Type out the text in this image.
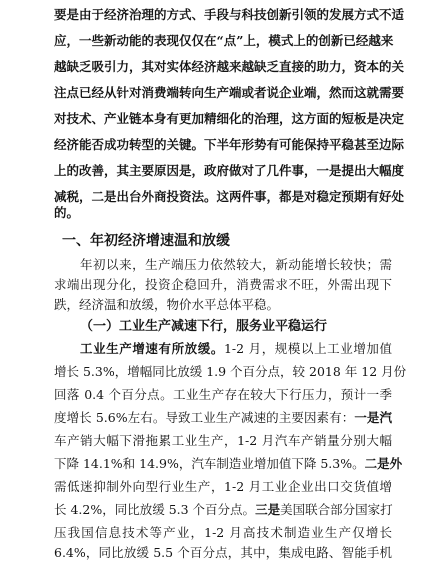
要是由于经济治理的方式、手段与科技创新引领的发展方式不适
应，一些新动能的表现仅仅在“点”上，模式上的创新已经越来
越缺乏吸引力，其对实体经济越来越缺乏直接的助力，资本的关
注点已经从针对消费端转向生产端或者说企业端，然而这就需要
对技术、产业链本身有更加精细化的治理，这方面的短板是决定
经济能否成功转型的关键。下半年形势有可能保持平稳甚至边际
上的改善，其主要原因是，政府做对了几件事，一是提出大幅度
减税，二是出台外商投资法。这两件事，都是对稳定预期有好处
的。
一、年初经济增速温和放缓
年初以来，生产端压力依然较大，新动能增长较快；需
求端出现分化，投资企稳回升，消费需求不旺，外需出现下
跌，经济温和放缓，物价水平总体平稳。
（一）工业生产减速下行，服务业平稳运行
工业生产增速有所放缓。1-2 月，规模以上工业增加值
增长 5.3%，增幅同比放缓 1.9 个百分点，较 2018 年 12 月份
回落 0.4 个百分点。工业生产存在较大下行压力，预计一季
度增长 5.6%左右。导致工业生产减速的主要因素有：一是汽
车产销大幅下滑拖累工业生产，1-2 月汽车产销量分别大幅
下降 14.1%和 14.9%，汽车制造业增加值下降 5.3%。二是外
需低迷抑制外向型行业生产，1-2 月工业企业出口交货值增
长 4.2%，同比放缓 5.3 个百分点。三是美国联合部分国家打
压我国信息技术等产业，1-2 月高技术制造业生产仅增长
6.4%，同比放缓 5.5 个百分点，其中，集成电路、智能手机
